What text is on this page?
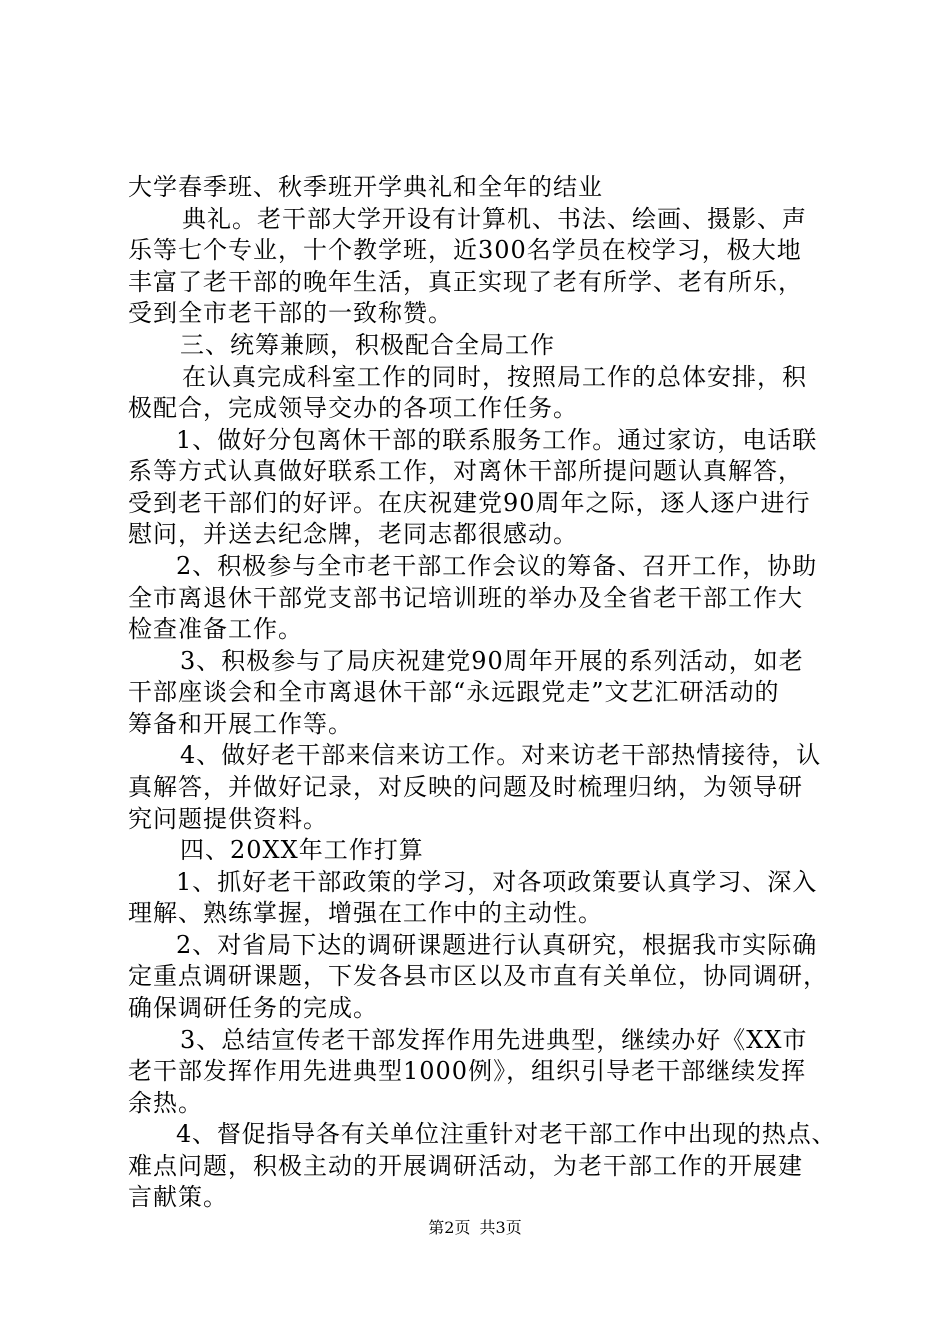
大学春季班、秋季班开学典礼和全年的结业
典礼。老干部大学开设有计算机、书法、绘画、摄影、声
乐等七个专业，十个教学班，近300名学员在校学习，极大地
丰富了老干部的晚年生活，真正实现了老有所学、老有所乐，
受到全市老干部的一致称赞。
三、统筹兼顾，积极配合全局工作
在认真完成科室工作的同时，按照局工作的总体安排，积
极配合，完成领导交办的各项工作任务。
1、做好分包离休干部的联系服务工作。通过家访，电话联
系等方式认真做好联系工作，对离休干部所提问题认真解答，
受到老干部们的好评。在庆祝建党90周年之际，逐人逐户进行
慰问，并送去纪念牌，老同志都很感动。
2、积极参与全市老干部工作会议的筹备、召开工作，协助
全市离退休干部党支部书记培训班的举办及全省老干部工作大
检查准备工作。
3、积极参与了局庆祝建党90周年开展的系列活动，如老
干部座谈会和全市离退休干部“永远跟党走”文艺汇研活动的
筹备和开展工作等。
4、做好老干部来信来访工作。对来访老干部热情接待，认
真解答，并做好记录，对反映的问题及时梳理归纳，为领导研
究问题提供资料。
四、20XX年工作打算
1、抓好老干部政策的学习，对各项政策要认真学习、深入
理解、熟练掌握，增强在工作中的主动性。
2、对省局下达的调研课题进行认真研究，根据我市实际确
定重点调研课题，下发各县市区以及市直有关单位，协同调研，
确保调研任务的完成。
3、总结宣传老干部发挥作用先进典型，继续办好《XX市
老干部发挥作用先进典型1000例》，组织引导老干部继续发挥
余热。
4、督促指导各有关单位注重针对老干部工作中出现的热点、
难点问题，积极主动的开展调研活动，为老干部工作的开展建
言献策。
第2页 共3页
